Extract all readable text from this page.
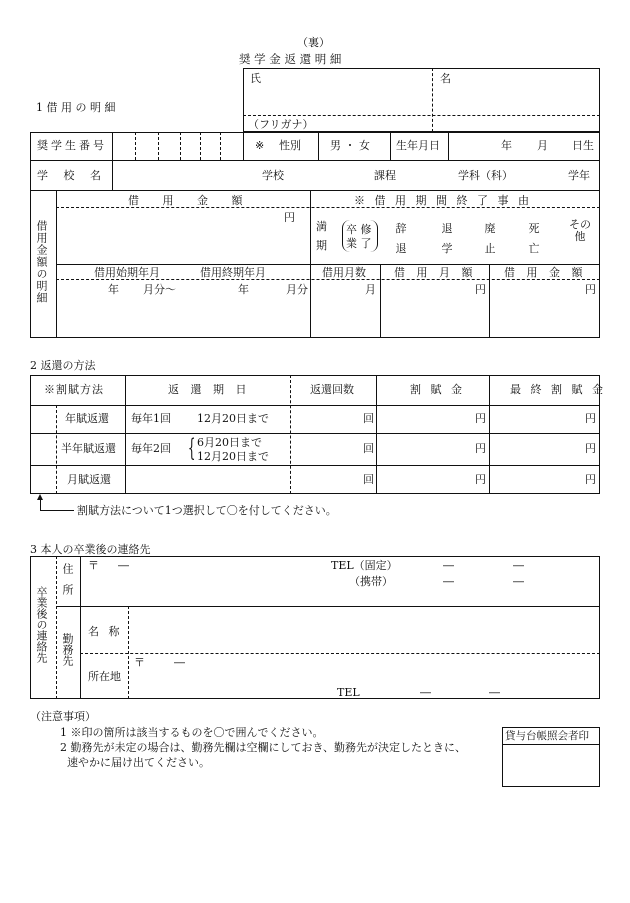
（裏）
奨 学 金 返 還 明 細
1 借 用 の 明 細
氏	名
（フリガナ）
奨学生番号	※ 性別	男 ・ 女 生年月日	年 月 日生
学 校 名	学校	課程	学科（科）	学年
借用金額の明細
借 用 金 額
円
※ 借 用 期 間 終 了 事 由
満
期
卒 修
業 了
辞 退
退 学
廃 止
死 亡
その他
借用始期年月	借用終期年月	借用月数	借 用 月 額	借 用 金 額
年 月分～	年	月分	月	円	円
2 返還の方法
※割賦方法	返 還 期 日	返還回数	割 賦 金	最 終 割 賦 金
年賦返還 毎年1回 12月20日まで	回	円	円
半年賦返還 毎年2回 { 6月20日まで
12月20日まで
回	円	円
月賦返還	回	円	円
割賦方法について1つ選択して〇を付してください。
3 本人の卒業後の連絡先
卒業後の連絡先
住所 〒 ―	TEL（固定）	―	―
（携帯）	―	―
勤務先
名 称
所在地
〒	―
TEL	―	―
（注意事項）
1 ※印の箇所は該当するものを〇で囲んでください。
2 勤務先が未定の場合は、勤務先欄は空欄にしておき、勤務先が決定したときに、
速やかに届け出てください。
貸与台帳照会者印
